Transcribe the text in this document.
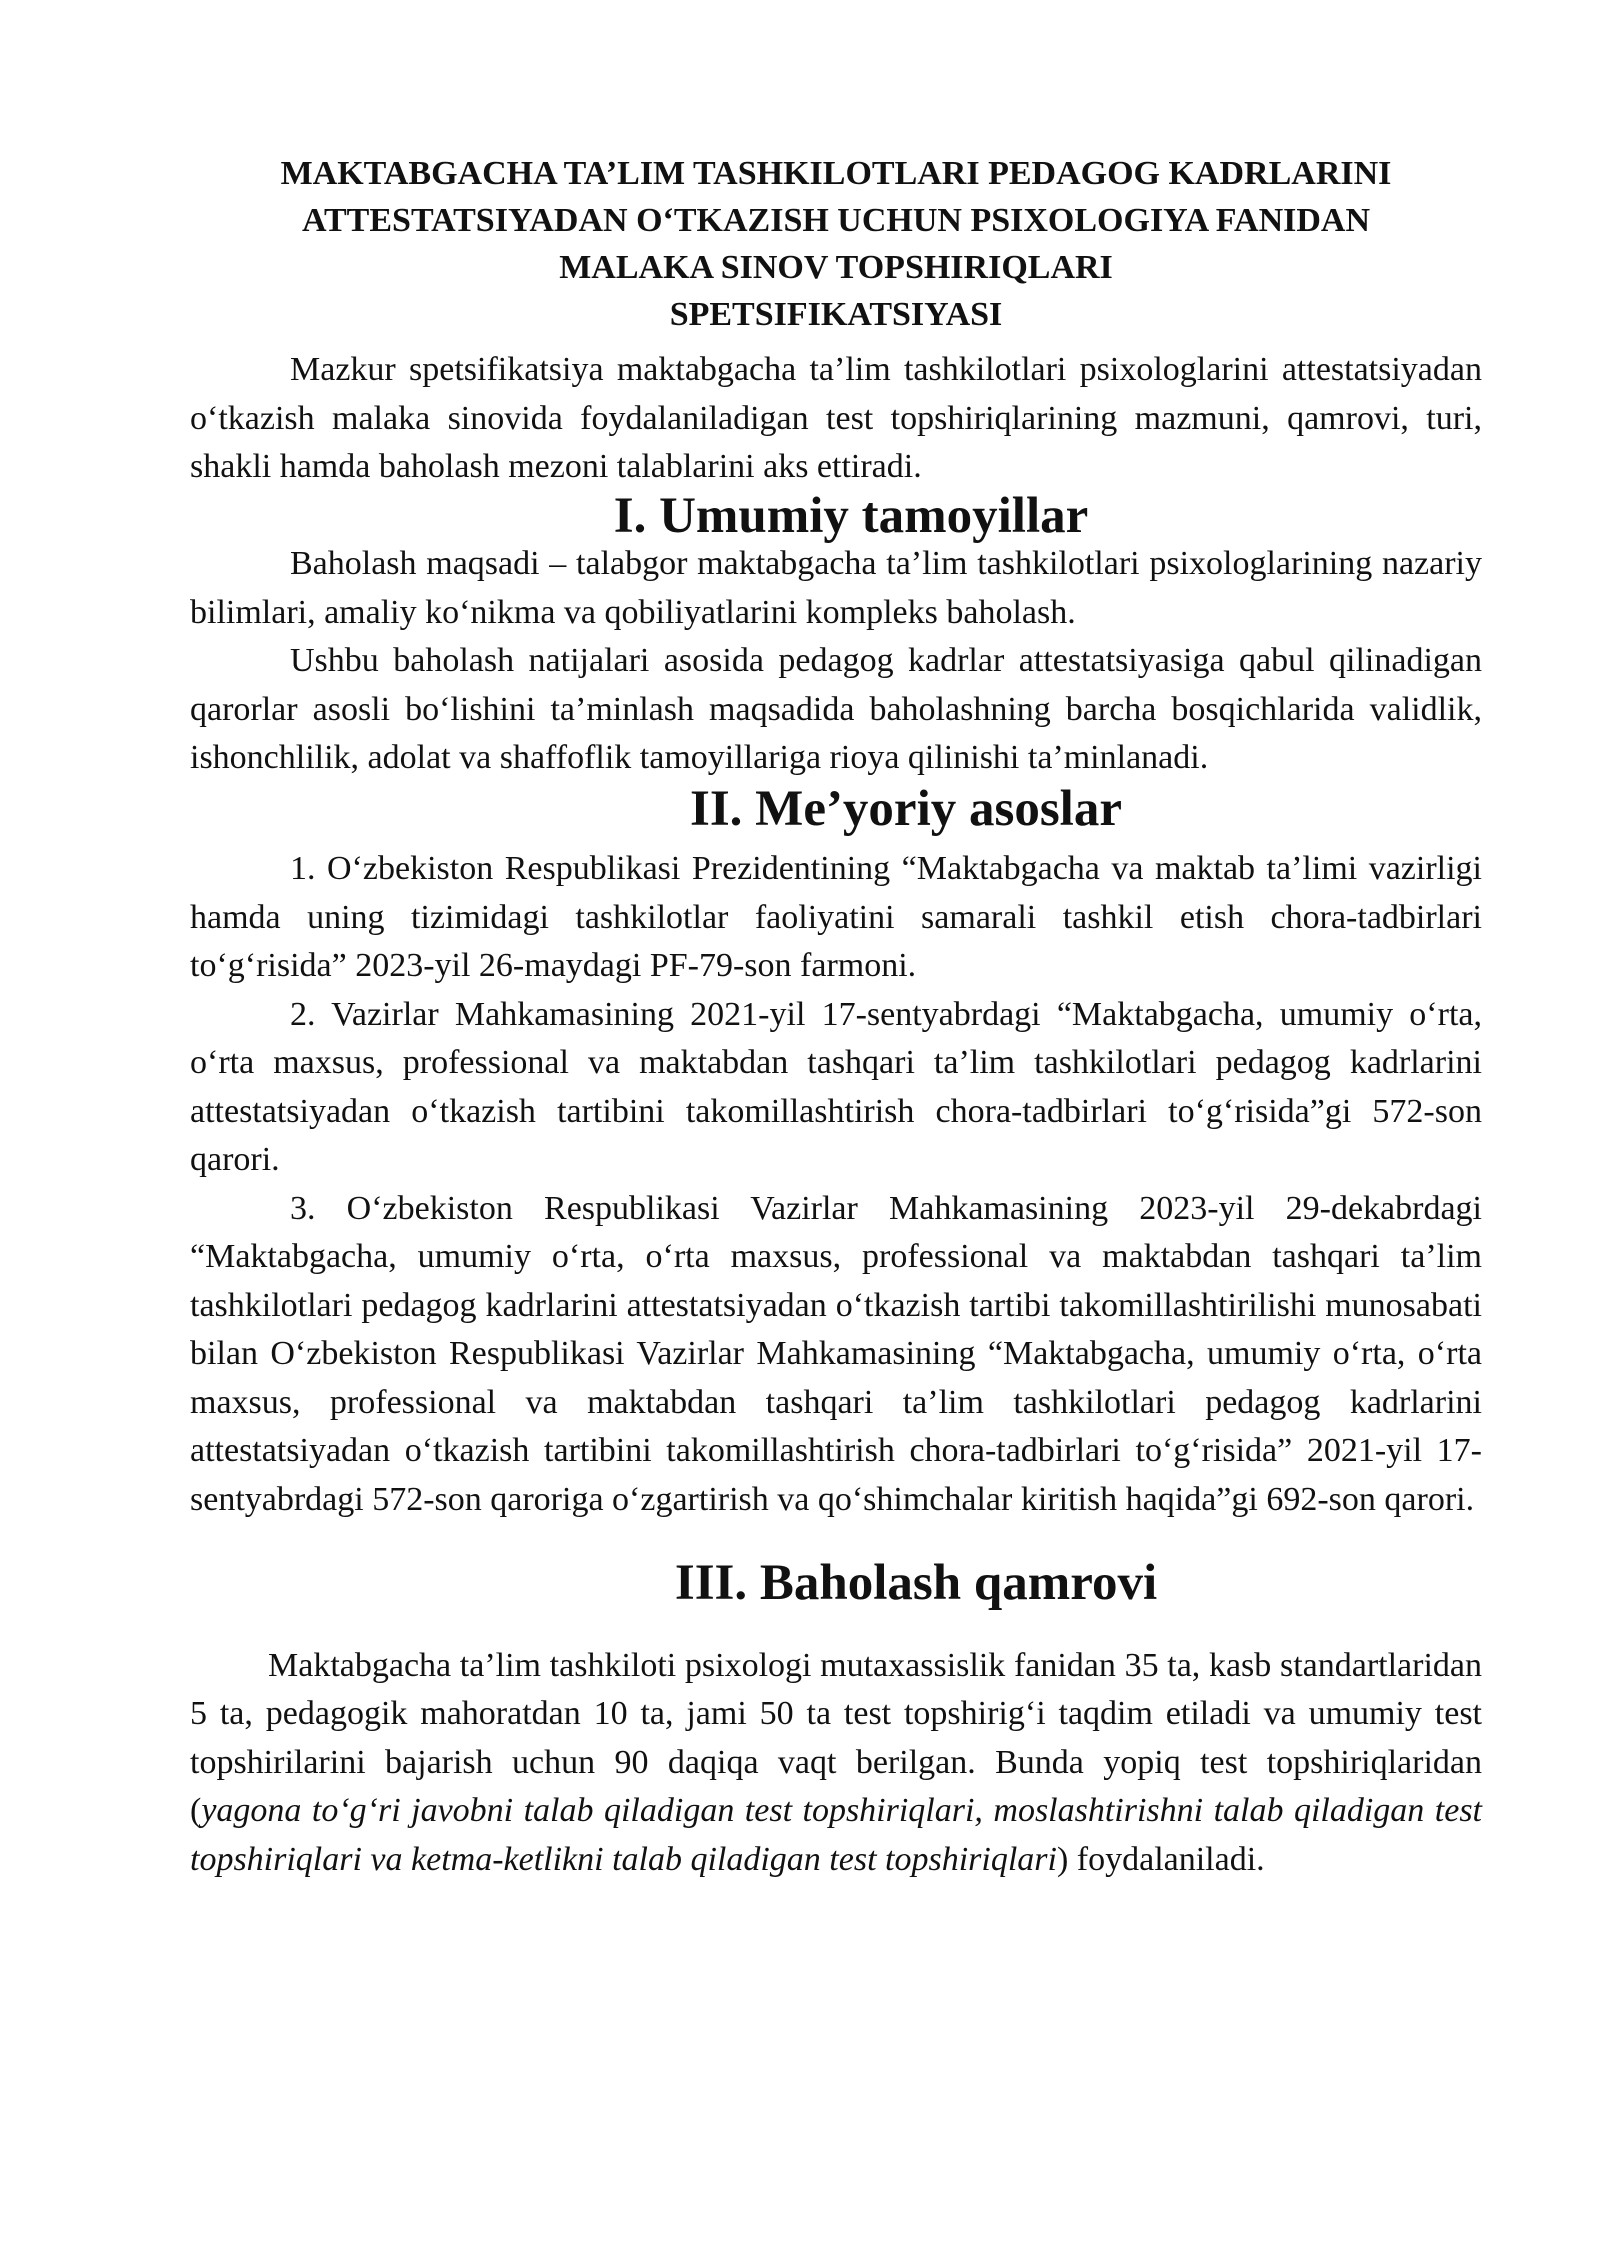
MAKTABGACHA TA’LIM TASHKILOTLARI PEDAGOG KADRLARINI
ATTESTATSIYADAN O‘TKAZISH UCHUN PSIXOLOGIYA FANIDAN
MALAKA SINOV TOPSHIRIQLARI
SPETSIFIKATSIYASI

Mazkur spetsifikatsiya maktabgacha ta’lim tashkilotlari psixologlarini attestatsiyadan o‘tkazish malaka sinovida foydalaniladigan test topshiriqlarining mazmuni, qamrovi, turi, shakli hamda baholash mezoni talablarini aks ettiradi.

I. Umumiy tamoyillar

Baholash maqsadi – talabgor maktabgacha ta’lim tashkilotlari psixologlarining nazariy bilimlari, amaliy ko‘nikma va qobiliyatlarini kompleks baholash.

Ushbu baholash natijalari asosida pedagog kadrlar attestatsiyasiga qabul qilinadigan qarorlar asosli bo‘lishini ta’minlash maqsadida baholashning barcha bosqichlarida validlik, ishonchlilik, adolat va shaffoflik tamoyillariga rioya qilinishi ta’minlanadi.

II. Me’yoriy asoslar

1. O‘zbekiston Respublikasi Prezidentining “Maktabgacha va maktab ta’limi vazirligi hamda uning tizimidagi tashkilotlar faoliyatini samarali tashkil etish chora-tadbirlari to‘g‘risida” 2023-yil 26-maydagi PF-79-son farmoni.

2. Vazirlar Mahkamasining 2021-yil 17-sentyabrdagi “Maktabgacha, umumiy o‘rta, o‘rta maxsus, professional va maktabdan tashqari ta’lim tashkilotlari pedagog kadrlarini attestatsiyadan o‘tkazish tartibini takomillashtirish chora-tadbirlari to‘g‘risida”gi 572-son qarori.

3. O‘zbekiston Respublikasi Vazirlar Mahkamasining 2023-yil 29-dekabrdagi “Maktabgacha, umumiy o‘rta, o‘rta maxsus, professional va maktabdan tashqari ta’lim tashkilotlari pedagog kadrlarini attestatsiyadan o‘tkazish tartibi takomillashtirilishi munosabati bilan O‘zbekiston Respublikasi Vazirlar Mahkamasining “Maktabgacha, umumiy o‘rta, o‘rta maxsus, professional va maktabdan tashqari ta’lim tashkilotlari pedagog kadrlarini attestatsiyadan o‘tkazish tartibini takomillashtirish chora-tadbirlari to‘g‘risida” 2021-yil 17-sentyabrdagi 572-son qaroriga o‘zgartirish va qo‘shimchalar kiritish haqida”gi 692-son qarori.

III. Baholash qamrovi

Maktabgacha ta’lim tashkiloti psixologi mutaxassislik fanidan 35 ta, kasb standartlaridan 5 ta, pedagogik mahoratdan 10 ta, jami 50 ta test topshirig‘i taqdim etiladi va umumiy test topshirilarini bajarish uchun 90 daqiqa vaqt berilgan. Bunda yopiq test topshiriqlaridan (yagona to‘g‘ri javobni talab qiladigan test topshiriqlari, moslashtirishni talab qiladigan test topshiriqlari va ketma-ketlikni talab qiladigan test topshiriqlari) foydalaniladi.
